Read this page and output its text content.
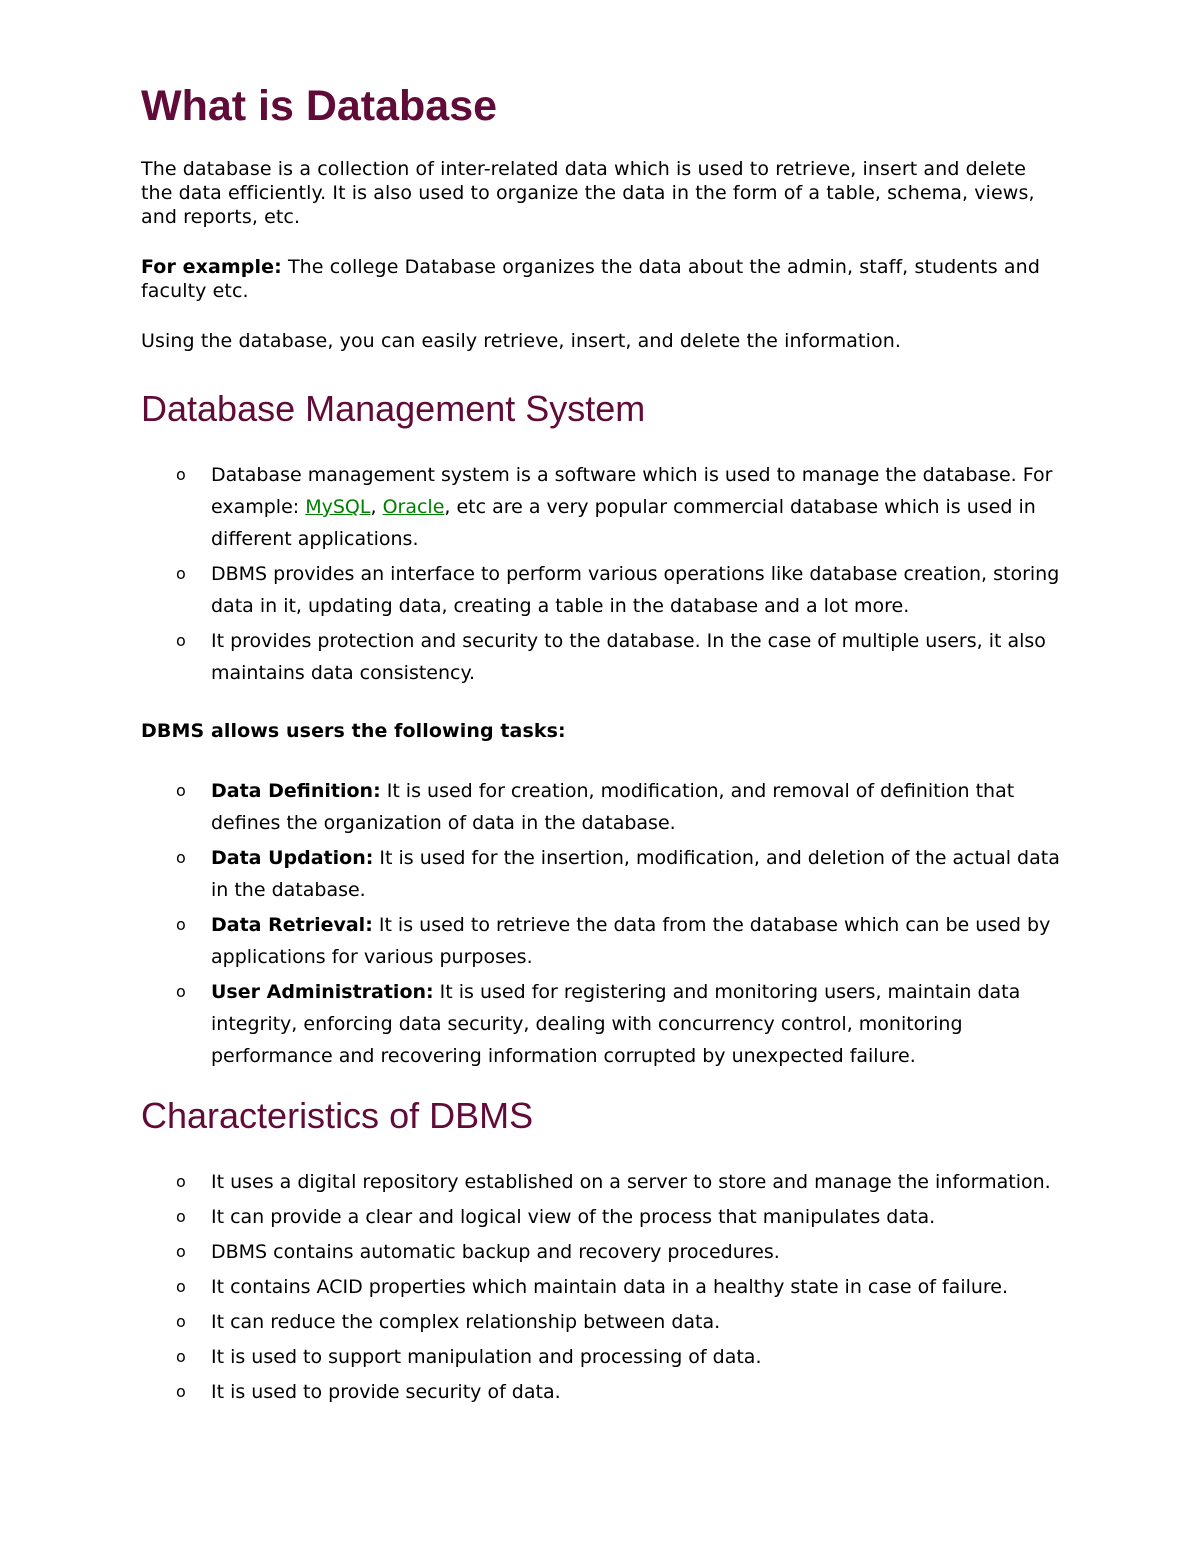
What is Database

The database is a collection of inter-related data which is used to retrieve, insert and delete the data efficiently. It is also used to organize the data in the form of a table, schema, views, and reports, etc.

For example: The college Database organizes the data about the admin, staff, students and faculty etc.

Using the database, you can easily retrieve, insert, and delete the information.

Database Management System
o Database management system is a software which is used to manage the database. For example: MySQL, Oracle, etc are a very popular commercial database which is used in different applications.
o DBMS provides an interface to perform various operations like database creation, storing data in it, updating data, creating a table in the database and a lot more.
o It provides protection and security to the database. In the case of multiple users, it also maintains data consistency.

DBMS allows users the following tasks:

o Data Definition: It is used for creation, modification, and removal of definition that defines the organization of data in the database.
o Data Updation: It is used for the insertion, modification, and deletion of the actual data in the database.
o Data Retrieval: It is used to retrieve the data from the database which can be used by applications for various purposes.
o User Administration: It is used for registering and monitoring users, maintain data integrity, enforcing data security, dealing with concurrency control, monitoring performance and recovering information corrupted by unexpected failure.
Characteristics of DBMS
o It uses a digital repository established on a server to store and manage the information.
o It can provide a clear and logical view of the process that manipulates data.
o DBMS contains automatic backup and recovery procedures.
o It contains ACID properties which maintain data in a healthy state in case of failure.
o It can reduce the complex relationship between data.
o It is used to support manipulation and processing of data.
o It is used to provide security of data.
